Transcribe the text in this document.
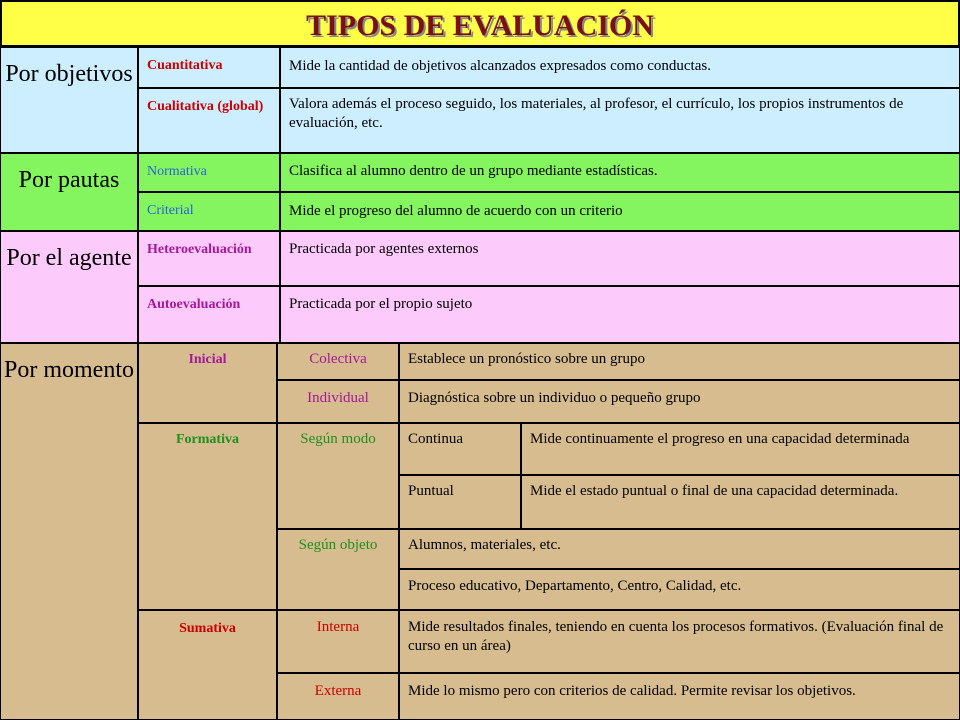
TIPOS DE EVALUACIÓN
Por objetivos	Cuantitativa	Mide la cantidad de objetivos alcanzados expresados como conductas.
Cualitativa (global)	Valora además el proceso seguido, los materiales, al profesor, el currículo, los propios instrumentos de evaluación, etc.
Por pautas	Normativa	Clasifica al alumno dentro de un grupo mediante estadísticas.
Criterial	Mide el progreso del alumno de acuerdo con un criterio
Por el agente	Heteroevaluación	Practicada por agentes externos
Autoevaluación	Practicada por el propio sujeto
Por momento	Inicial	Colectiva	Establece un pronóstico sobre un grupo
Individual	Diagnóstica sobre un individuo o pequeño grupo
Formativa	Según modo	Continua	Mide continuamente el progreso en una capacidad determinada
Puntual	Mide el estado puntual o final de una capacidad determinada.
Según objeto	Alumnos, materiales, etc.
Proceso educativo, Departamento, Centro, Calidad, etc.
Sumativa	Interna	Mide resultados finales, teniendo en cuenta los procesos formativos. (Evaluación final de curso en un área)
Externa	Mide lo mismo pero con criterios de calidad. Permite revisar los objetivos.
